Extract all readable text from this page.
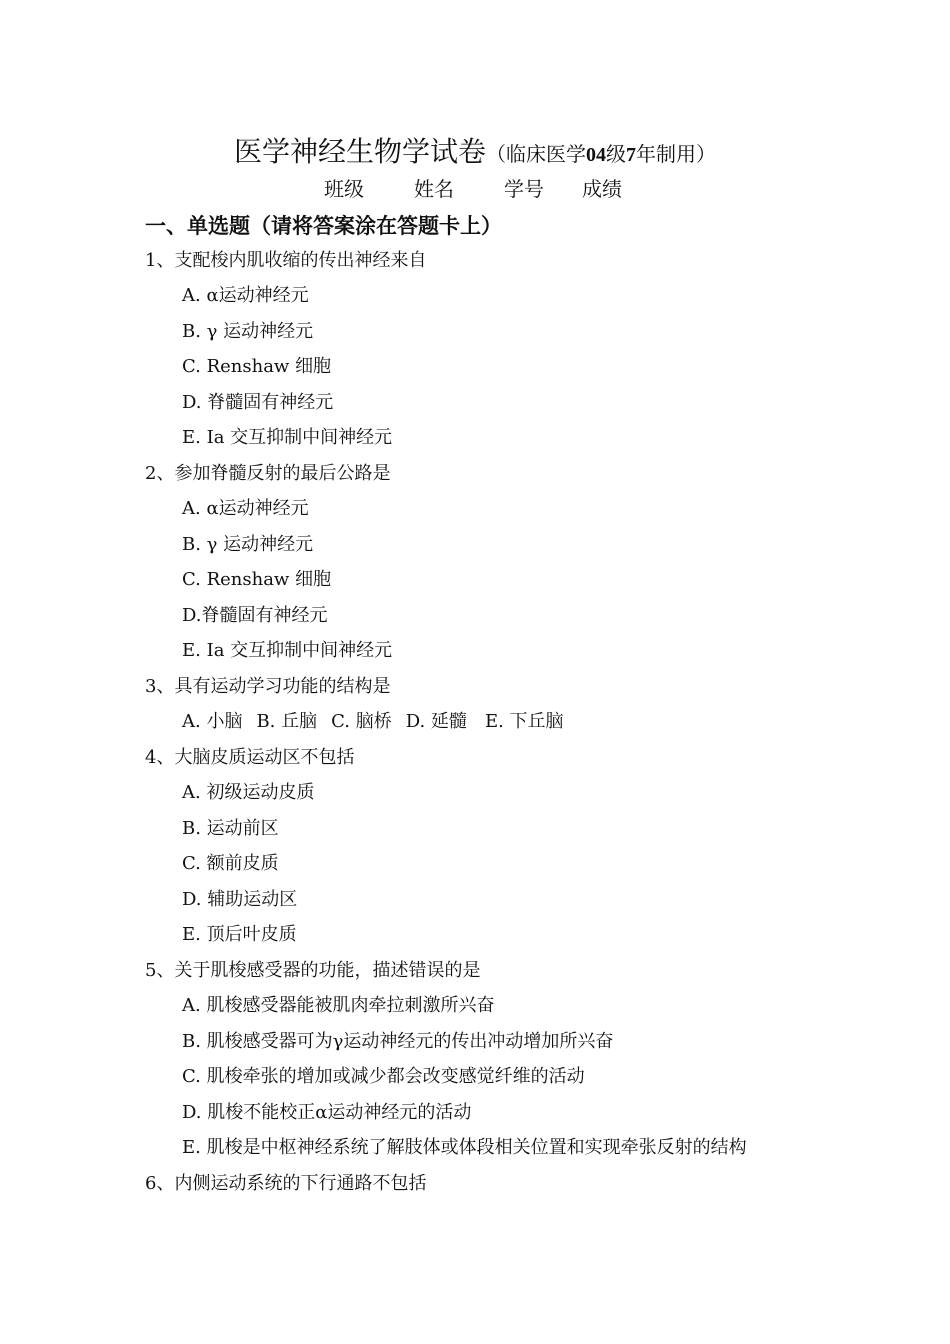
医学神经生物学试卷（临床医学04级7年制用）
班级	姓名	学号 成绩
一、单选题（请将答案涂在答题卡上）
1、支配梭内肌收缩的传出神经来自
A. α运动神经元
B. γ 运动神经元
C. Renshaw 细胞
D. 脊髓固有神经元
E. Ia 交互抑制中间神经元
2、参加脊髓反射的最后公路是
A. α运动神经元
B. γ 运动神经元
C. Renshaw 细胞
D.脊髓固有神经元
E. Ia 交互抑制中间神经元
3、具有运动学习功能的结构是
A. 小脑 B. 丘脑 C. 脑桥 D. 延髓 E. 下丘脑
4、大脑皮质运动区不包括
A. 初级运动皮质
B. 运动前区
C. 额前皮质
D. 辅助运动区
E. 顶后叶皮质
5、关于肌梭感受器的功能，描述错误的是
A. 肌梭感受器能被肌肉牵拉刺激所兴奋
B. 肌梭感受器可为γ运动神经元的传出冲动增加所兴奋
C. 肌梭牵张的增加或减少都会改变感觉纤维的活动
D. 肌梭不能校正α运动神经元的活动
E. 肌梭是中枢神经系统了解肢体或体段相关位置和实现牵张反射的结构
6、内侧运动系统的下行通路不包括
